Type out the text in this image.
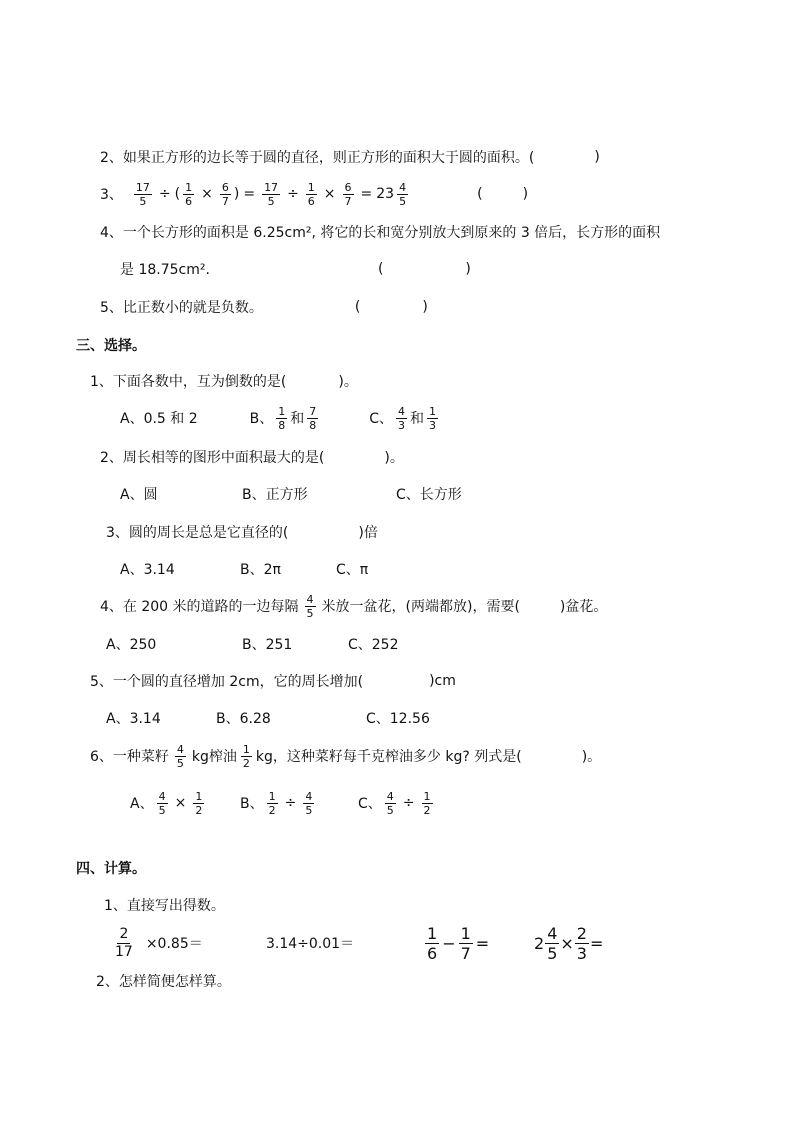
2、如果正方形的边长等于圆的直径，则正方形的面积大于圆的面积。(	)
3、 $\frac{17}{5}$ ÷ ( $\frac{1}{6} \times \frac{6}{7}$ ) = $\frac{17}{5} \div \frac{1}{6} \times \frac{6}{7} = 23 \frac{4}{5}$	(	)
4、一个长方形的面积是 6.25cm², 将它的长和宽分别放大到原来的 3 倍后，长方形的面积
是 18.75cm².	(	)
5、比正数小的就是负数。	(	)
三、选择。
1、下面各数中，互为倒数的是(	)。
A、0.5 和 2	B、 $\frac{1}{8}$ 和 $\frac{7}{8}$	C、 $\frac{4}{3}$ 和 $\frac{1}{3}$
2、周长相等的图形中面积最大的是(	)。
A、圆	B、正方形	C、长方形
3、圆的周长是总是它直径的(	)倍
A、3.14	B、2π	C、π
4、在 200 米的道路的一边每隔 $\frac{4}{5}$ 米放一盆花，(两端都放)，需要(	)盆花。
A、250	B、251	C、252
5、一个圆的直径增加 2cm，它的周长增加(	)cm
A、3.14	B、6.28	C、12.56
6、一种菜籽 $\frac{4}{5}$ kg榨油 $\frac{1}{2}$ kg，这种菜籽每千克榨油多少 kg? 列式是(	)。
A、 $\frac{4}{5} \times \frac{1}{2}$	B、 $\frac{1}{2} \div \frac{4}{5}$	C、 $\frac{4}{5} \div \frac{1}{2}$
四、计算。
1、直接写出得数。
$\frac{2}{17} \times 0.85=$	3.14÷0.01＝	$\frac{1}{6} - \frac{1}{7}$ =	$2 \frac{4}{5} \times \frac{2}{3}$ =
2、怎样简便怎样算。
